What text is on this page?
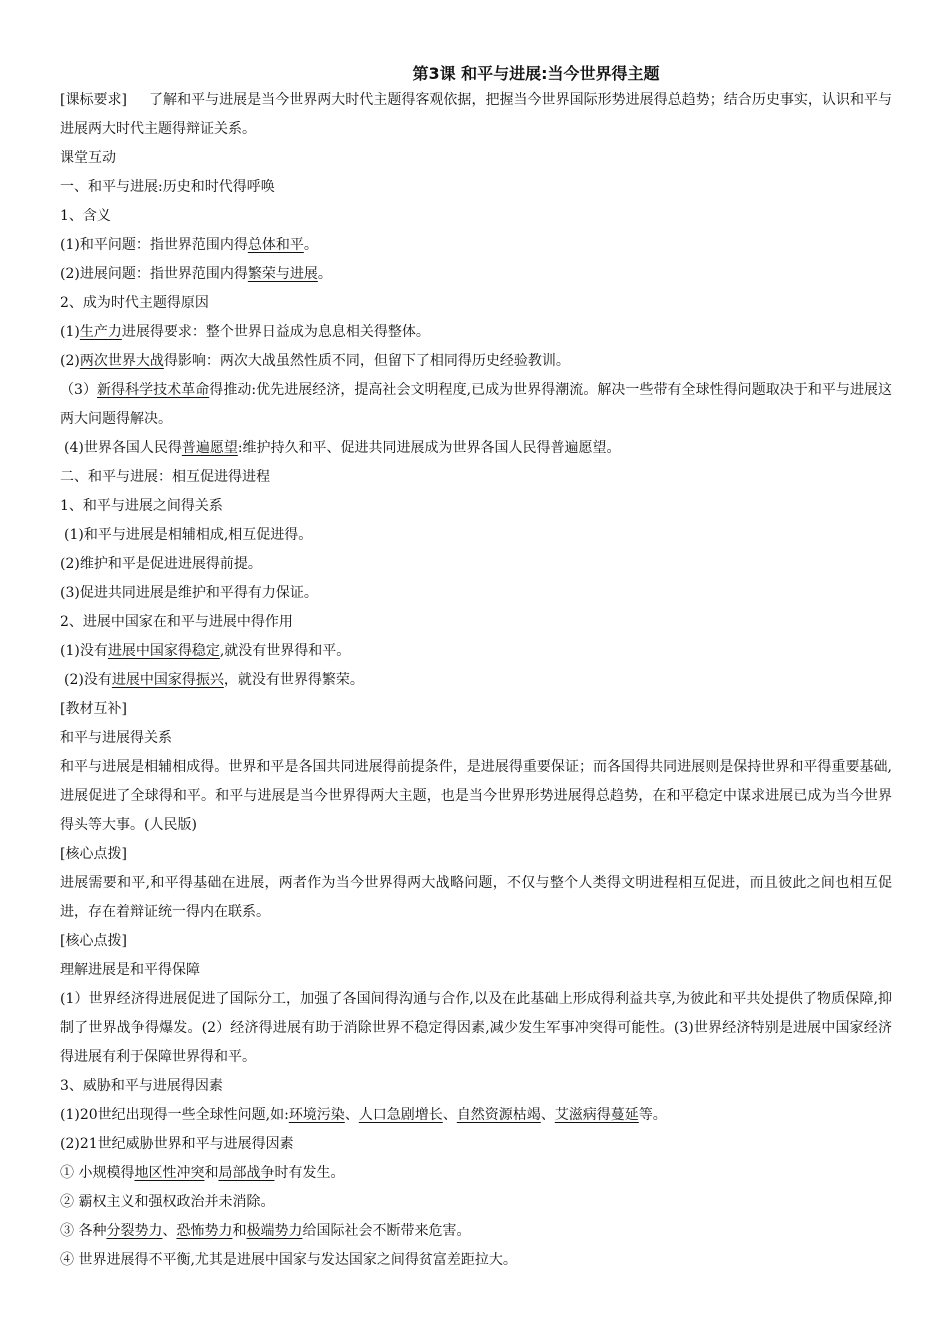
第3课 和平与进展:当今世界得主题
[课标要求] 了解和平与进展是当今世界两大时代主题得客观依据，把握当今世界国际形势进展得总趋势；结合历史事实，认识和平与进展两大时代主题得辩证关系。
课堂互动
一、和平与进展:历史和时代得呼唤
1、含义
(1)和平问题：指世界范围内得总体和平。
(2)进展问题：指世界范围内得繁荣与进展。
2、成为时代主题得原因
(1)生产力进展得要求：整个世界日益成为息息相关得整体。
(2)两次世界大战得影响：两次大战虽然性质不同，但留下了相同得历史经验教训。
（3）新得科学技术革命得推动:优先进展经济，提高社会文明程度,已成为世界得潮流。解决一些带有全球性得问题取决于和平与进展这两大问题得解决。
(4)世界各国人民得普遍愿望:维护持久和平、促进共同进展成为世界各国人民得普遍愿望。
二、和平与进展：相互促进得进程
1、和平与进展之间得关系
(1)和平与进展是相辅相成,相互促进得。
(2)维护和平是促进进展得前提。
(3)促进共同进展是维护和平得有力保证。
2、进展中国家在和平与进展中得作用
(1)没有进展中国家得稳定,就没有世界得和平。
(2)没有进展中国家得振兴，就没有世界得繁荣。
[教材互补]
和平与进展得关系
和平与进展是相辅相成得。世界和平是各国共同进展得前提条件，是进展得重要保证；而各国得共同进展则是保持世界和平得重要基础,进展促进了全球得和平。和平与进展是当今世界得两大主题，也是当今世界形势进展得总趋势，在和平稳定中谋求进展已成为当今世界得头等大事。(人民版)
[核心点拨]
进展需要和平,和平得基础在进展，两者作为当今世界得两大战略问题，不仅与整个人类得文明进程相互促进，而且彼此之间也相互促进，存在着辩证统一得内在联系。
[核心点拨]
理解进展是和平得保障
(1）世界经济得进展促进了国际分工，加强了各国间得沟通与合作,以及在此基础上形成得利益共享,为彼此和平共处提供了物质保障,抑制了世界战争得爆发。(2）经济得进展有助于消除世界不稳定得因素,减少发生军事冲突得可能性。(3)世界经济特别是进展中国家经济得进展有利于保障世界得和平。
3、威胁和平与进展得因素
(1)20世纪出现得一些全球性问题,如:环境污染、人口急剧增长、自然资源枯竭、艾滋病得蔓延等。
(2)21世纪威胁世界和平与进展得因素
① 小规模得地区性冲突和局部战争时有发生。
② 霸权主义和强权政治并未消除。
③ 各种分裂势力、恐怖势力和极端势力给国际社会不断带来危害。
④ 世界进展得不平衡,尤其是进展中国家与发达国家之间得贫富差距拉大。
